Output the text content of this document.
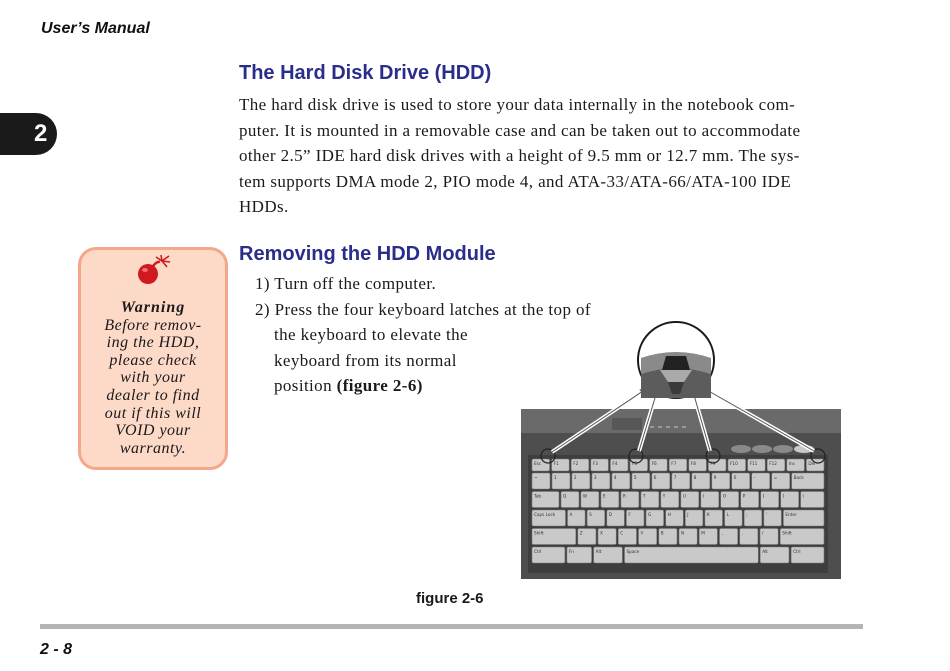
User’s Manual
2
The Hard Disk Drive (HDD)
The hard disk drive is used to store your data internally in the notebook com-
puter. It is mounted in a removable case and can be taken out to accommodate
other 2.5” IDE hard disk drives with a height of 9.5 mm or 12.7 mm. The sys-
tem supports DMA mode 2, PIO mode 4, and ATA-33/ATA-66/ATA-100 IDE
HDDs.
Warning
Before remov-
ing the HDD,
please check
with your
dealer to find
out if this will
VOID your
warranty.
Removing the HDD Module
1) Turn off the computer.
2) Press the four keyboard latches at the top of
the keyboard to elevate the
keyboard from its normal
position (figure 2-6)
Esc	F1	F2	F3	F4	F5	F6	F7	F8	F9	F10	F11	F12	Ins	Del
~	1	2	3	4	5	6	7	8	9	0	-	=	Back
Tab	Q	W	E	R	T	Y	U	I	O	P	[	]	\
Caps Lock	A	S	D	F	G	H	J	K	L	;	'	Enter
Shift	Z	X	C	V	B	N	M	,	.	/	Shift
Ctrl	Fn	Alt	Space	Alt	Ctrl
figure 2-6
2 - 8
